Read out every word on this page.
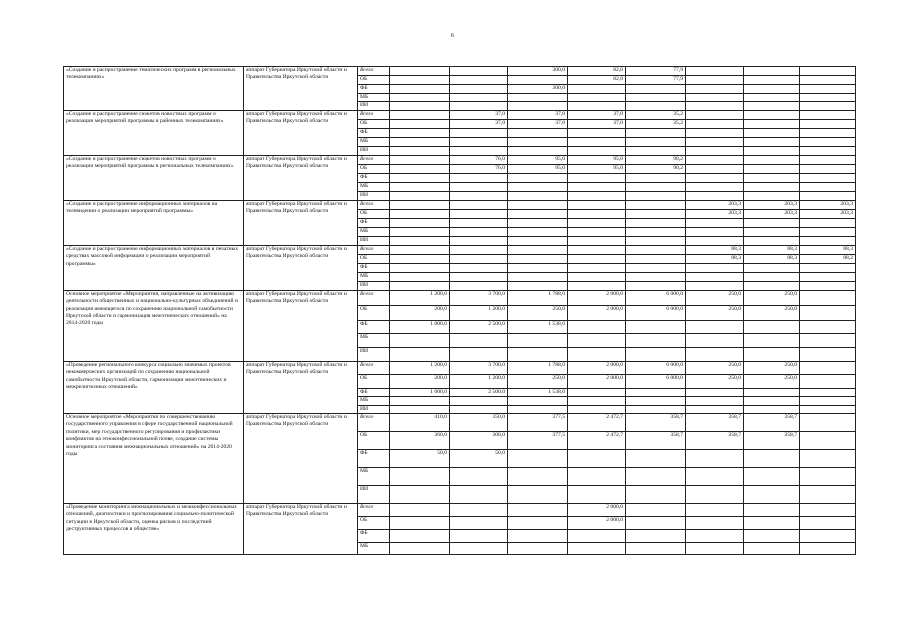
6
«Создание и распространение тематических программ в региональных телекомпаниях»	аппарат Губернатора Иркутской области и Правительства Иркутской области	Всего			300,0	82,0	77,9			
		ОБ				82,0	77,9			
		ФБ			300,0					
		МБ								
		ИИ								
«Создание и распространение сюжетов новостных программ о реализации мероприятий программы в районных телекомпаниях»	аппарат Губернатора Иркутской области и Правительства Иркутской области	Всего		37,0	37,0	37,0	35,2			
		ОБ		37,0	37,0	37,0	35,2			
		ФБ								
		МБ								
		ИИ								
«Создание и распространение сюжетов новостных программ о реализации мероприятий программы в региональных телекомпаниях»	аппарат Губернатора Иркутской области и Правительства Иркутской области	Всего		76,0	95,0	95,0	90,2			
		ОБ		76,0	95,0	95,0	90,2			
		ФБ								
		МБ								
		ИИ								
«Создание и распространение информационных материалов на телевидении о реализации мероприятий программы»	аппарат Губернатора Иркутской области и Правительства Иркутской области	Всего						203,3	203,3	203,3
		ОБ						203,3	203,3	203,3
		ФБ								
		МБ								
		ИИ								
«Создание и распространение информационных материалов в печатных средствах массовой информации о реализации мероприятий программы»	аппарат Губернатора Иркутской области и Правительства Иркутской области	Всего						88,3	88,3	88,3
		ОБ						88,3	88,3	88,2
		ФБ								
		МБ								
		ИИ								
Основное мероприятие «Мероприятия, направленные на активизацию деятельности общественных и национально-культурных объединений и реализация имеющегося по сохранению национальной самобытности Иркутской области и гармонизация межэтнических отношений» на 2014-2020 годы	аппарат Губернатора Иркутской области и Правительства Иркутской области	Всего	1 200,0	3 700,0	1 788,0	2 000,0	6 000,0	250,0	250,0	
		ОБ	200,0	1 200,0	250,0	2 000,0	6 000,0	250,0	250,0	
		ФБ	1 000,0	2 500,0	1 538,0					
		МБ								
		ИИ								
«Проведение регионального конкурса социально значимых проектов некоммерческих организаций по сохранению национальной самобытности Иркутской области, гармонизации межэтнических и межрелигиозных отношений»	аппарат Губернатора Иркутской области и Правительства Иркутской области	Всего	1 200,0	3 700,0	1 788,0	2 000,0	6 000,0	250,0	250,0	
		ОБ	200,0	1 200,0	250,0	2 000,0	6 000,0	250,0	250,0	
		ФБ	1 000,0	2 500,0	1 538,0					
		МБ								
		ИИ								
Основное мероприятие «Мероприятия по совершенствованию государственного управления в сфере государственной национальной политики, мер государственного регулирования и профилактики конфликтов на этноконфессиональной почве, создание системы мониторинга состояния межнациональных отношений» на 2014-2020 годы	аппарат Губернатора Иркутской области и Правительства Иркутской области	Всего	410,0	350,0	377,5	2 472,7	358,7	358,7	358,7	
		ОБ	360,0	300,0	377,5	2 472,7	358,7	358,7	358,7	
		ФБ	50,0	50,0						
		МБ								
		ИИ								
«Проведение мониторинга межнациональных и межконфессиональных отношений, диагностики и прогнозирования социально-политической ситуации в Иркутской области, оценка рисков и последствий деструктивных процессов в обществе»	аппарат Губернатора Иркутской области и Правительства Иркутской области	Всего				2 000,0				
		ОБ				2 000,0				
		ФБ								
		МБ								
